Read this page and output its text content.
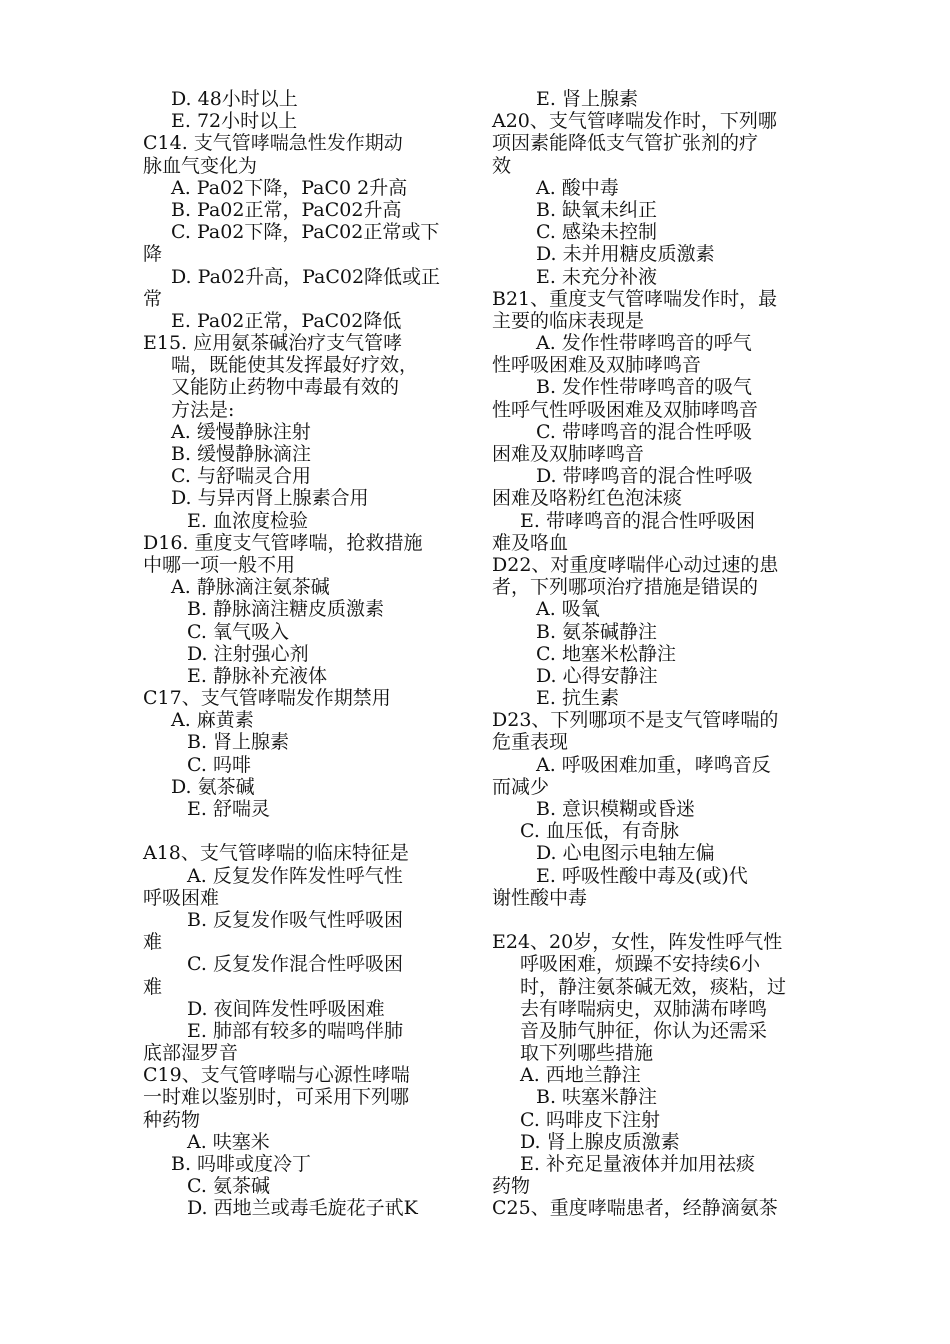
D. 48小时以上
E. 72小时以上
C14. 支气管哮喘急性发作期动
脉血气变化为
A. Pa02下降，PaC0 2升高
B. Pa02正常，PaC02升高
C. Pa02下降，PaC02正常或下
降
D. Pa02升高，PaC02降低或正
常
E. Pa02正常，PaC02降低
E15. 应用氨茶碱治疗支气管哮
喘，既能使其发挥最好疗效，
又能防止药物中毒最有效的
方法是:
A. 缓慢静脉注射
B. 缓慢静脉滴注
C. 与舒喘灵合用
D. 与异丙肾上腺素合用
E. 血浓度检验
D16. 重度支气管哮喘，抢救措施
中哪一项一般不用
A. 静脉滴注氨茶碱
B. 静脉滴注糖皮质激素
C. 氧气吸入
D. 注射强心剂
E. 静脉补充液体
C17、支气管哮喘发作期禁用
A. 麻黄素
B. 肾上腺素
C. 吗啡
D. 氨茶碱
E. 舒喘灵
A18、支气管哮喘的临床特征是
A. 反复发作阵发性呼气性
呼吸困难
B. 反复发作吸气性呼吸困
难
C. 反复发作混合性呼吸困
难
D. 夜间阵发性呼吸困难
E. 肺部有较多的喘鸣伴肺
底部湿罗音
C19、支气管哮喘与心源性哮喘
一时难以鉴别时，可采用下列哪
种药物
A. 呋塞米
B. 吗啡或度冷丁
C. 氨茶碱
D. 西地兰或毒毛旋花子甙K
E. 肾上腺素
A20、支气管哮喘发作时，下列哪
项因素能降低支气管扩张剂的疗
效
A. 酸中毒
B. 缺氧未纠正
C. 感染未控制
D. 未并用糖皮质激素
E. 未充分补液
B21、重度支气管哮喘发作时，最
主要的临床表现是
A. 发作性带哮鸣音的呼气
性呼吸困难及双肺哮鸣音
B. 发作性带哮鸣音的吸气
性呼气性呼吸困难及双肺哮鸣音
C. 带哮鸣音的混合性呼吸
困难及双肺哮鸣音
D. 带哮鸣音的混合性呼吸
困难及咯粉红色泡沫痰
E. 带哮鸣音的混合性呼吸困
难及咯血
D22、对重度哮喘伴心动过速的患
者，下列哪项治疗措施是错误的
A. 吸氧
B. 氨茶碱静注
C. 地塞米松静注
D. 心得安静注
E. 抗生素
D23、下列哪项不是支气管哮喘的
危重表现
A. 呼吸困难加重，哮鸣音反
而减少
B. 意识模糊或昏迷
C. 血压低，有奇脉
D. 心电图示电轴左偏
E. 呼吸性酸中毒及(或)代
谢性酸中毒
E24、20岁，女性，阵发性呼气性
呼吸困难，烦躁不安持续6小
时，静注氨茶碱无效，痰粘，过
去有哮喘病史，双肺满布哮鸣
音及肺气肿征，你认为还需采
取下列哪些措施
A. 西地兰静注
B. 呋塞米静注
C. 吗啡皮下注射
D. 肾上腺皮质激素
E. 补充足量液体并加用祛痰
药物
C25、重度哮喘患者，经静滴氨茶
